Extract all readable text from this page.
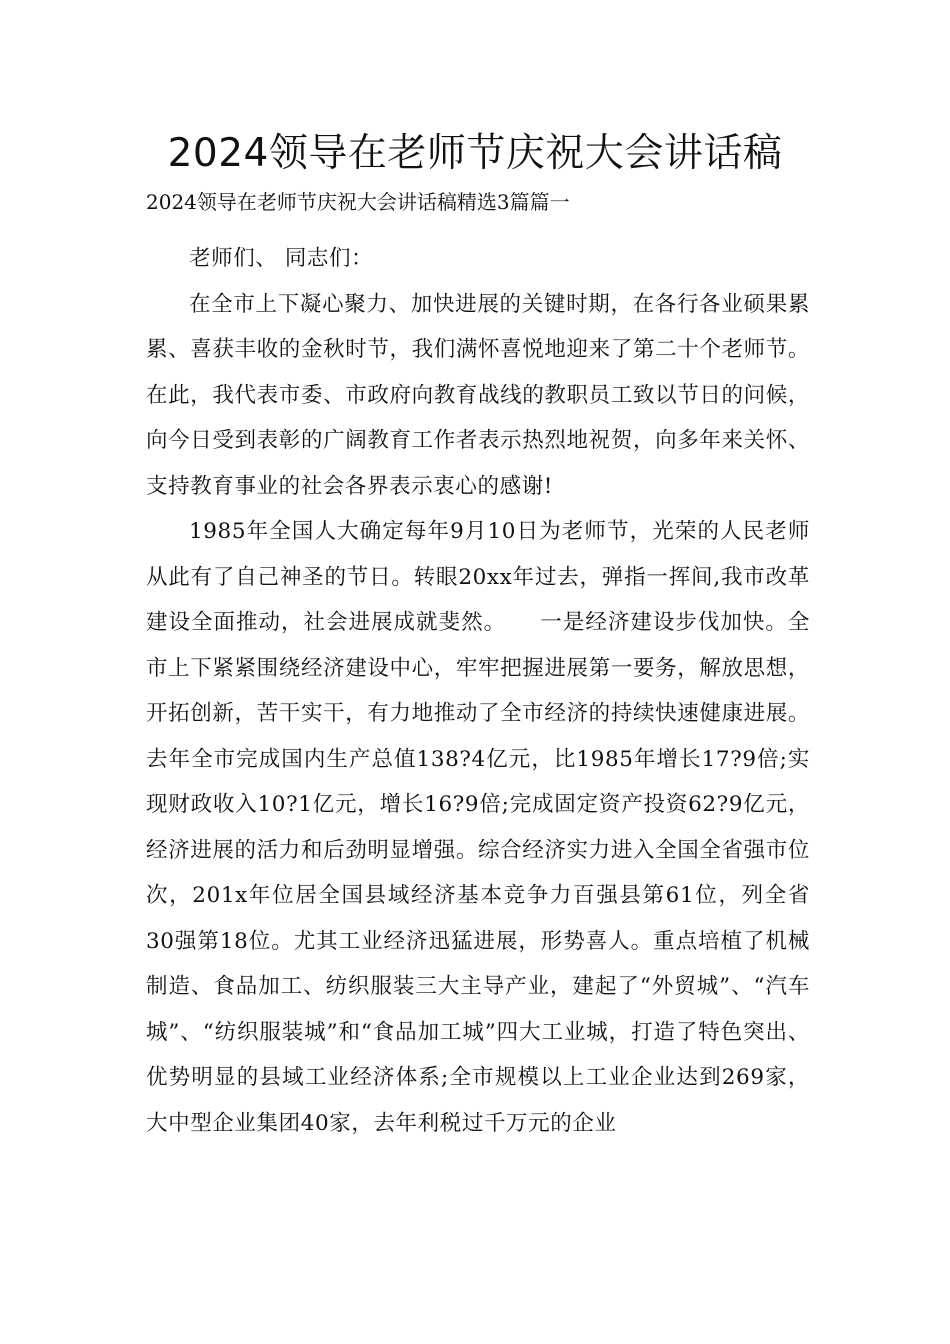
2024领导在老师节庆祝大会讲话稿
2024领导在老师节庆祝大会讲话稿精选3篇篇一

老师们、 同志们：

在全市上下凝心聚力、加快进展的关键时期，在各行各业硕果累累、喜获丰收的金秋时节，我们满怀喜悦地迎来了第二十个老师节。在此，我代表市委、市政府向教育战线的教职员工致以节日的问候，向今日受到表彰的广阔教育工作者表示热烈地祝贺，向多年来关怀、支持教育事业的社会各界表示衷心的感谢!

1985年全国人大确定每年9月10日为老师节，光荣的人民老师从此有了自己神圣的节日。转眼20xx年过去，弹指一挥间,我市改革建设全面推动，社会进展成就斐然。　　一是经济建设步伐加快。全市上下紧紧围绕经济建设中心，牢牢把握进展第一要务，解放思想，开拓创新，苦干实干，有力地推动了全市经济的持续快速健康进展。去年全市完成国内生产总值138?4亿元，比1985年增长17?9倍;实现财政收入10?1亿元，增长16?9倍;完成固定资产投资62?9亿元，经济进展的活力和后劲明显增强。综合经济实力进入全国全省强市位次，201x年位居全国县域经济基本竞争力百强县第61位，列全省30强第18位。尤其工业经济迅猛进展，形势喜人。重点培植了机械制造、食品加工、纺织服装三大主导产业，建起了“外贸城”、“汽车城”、“纺织服装城”和“食品加工城”四大工业城，打造了特色突出、优势明显的县域工业经济体系;全市规模以上工业企业达到269家，大中型企业集团40家，去年利税过千万元的企业
